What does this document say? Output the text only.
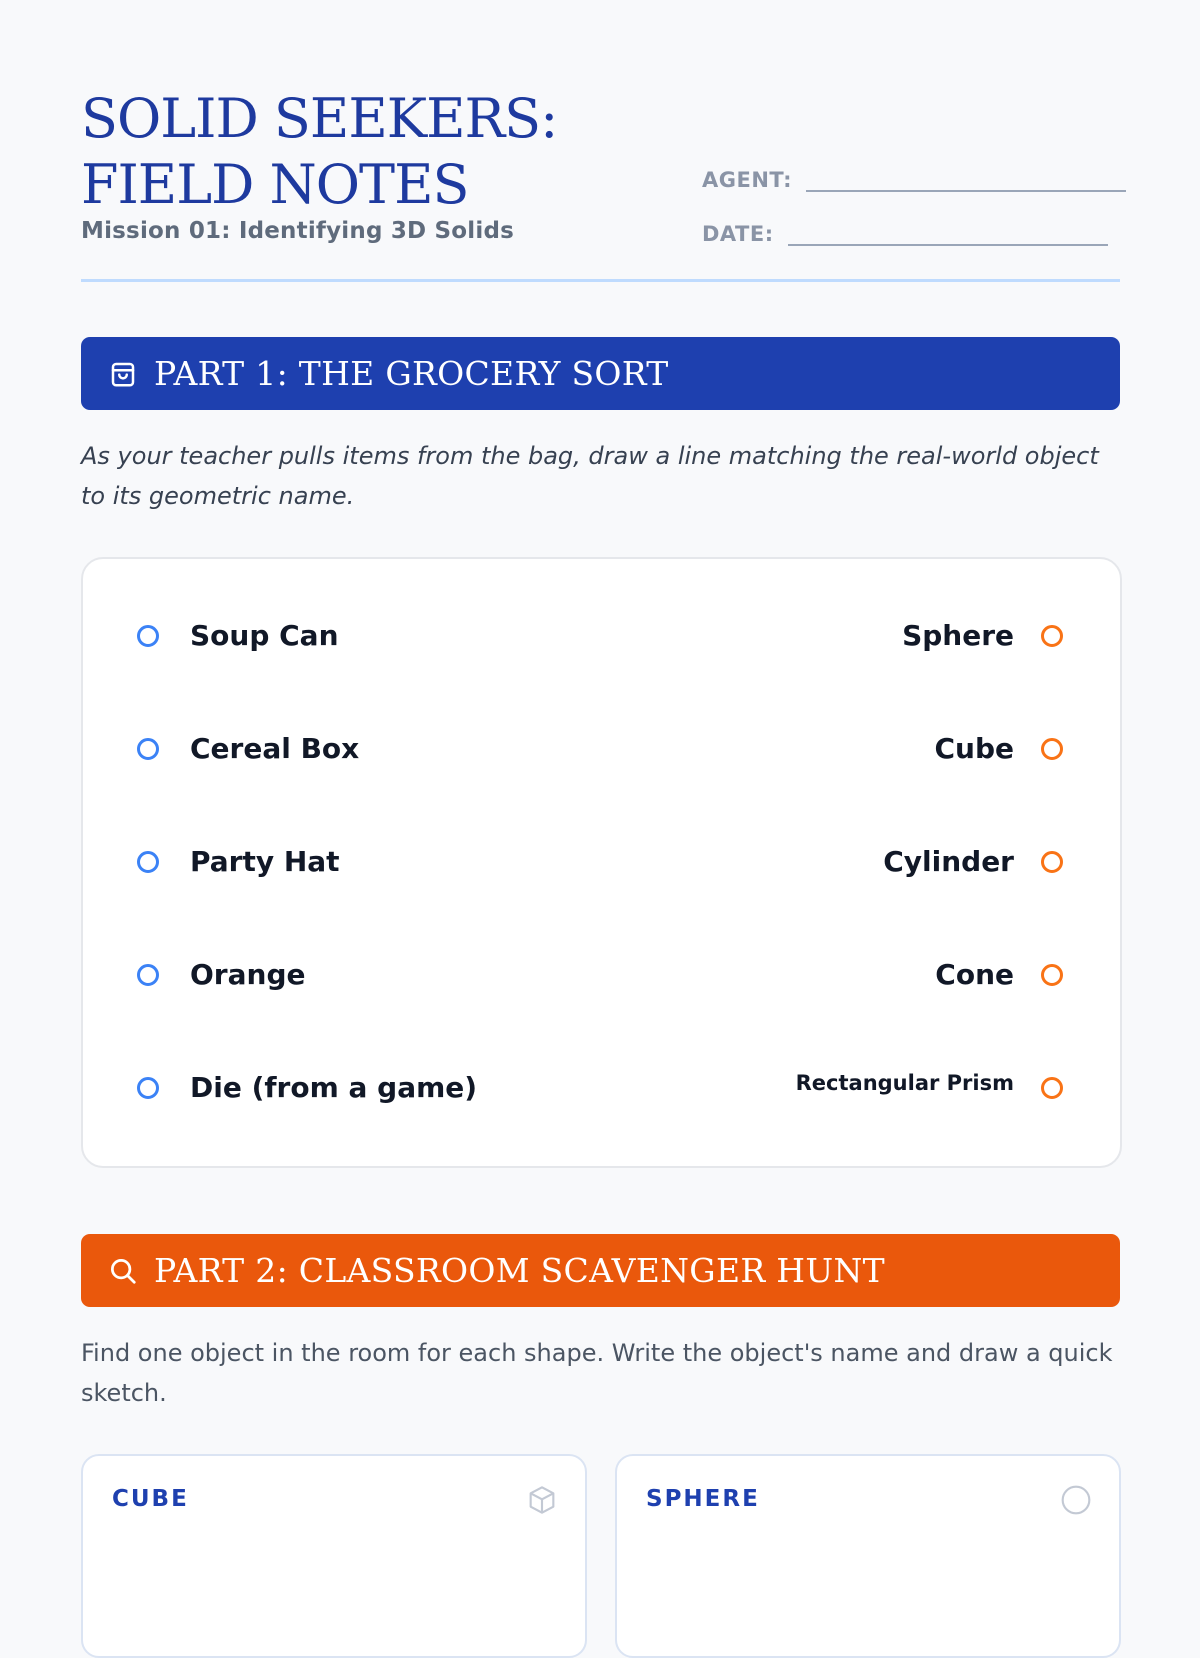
SOLID SEEKERS:
FIELD NOTES
Mission 01: Identifying 3D Solids
AGENT:
DATE:
PART 1: THE GROCERY SORT
As your teacher pulls items from the bag, draw a line matching the real-world object to its geometric name.
Soup Can	Sphere
Cereal Box	Cube
Party Hat	Cylinder
Orange	Cone
Die (from a game)	Rectangular Prism
PART 2: CLASSROOM SCAVENGER HUNT
Find one object in the room for each shape. Write the object's name and draw a quick sketch.
CUBE	SPHERE
